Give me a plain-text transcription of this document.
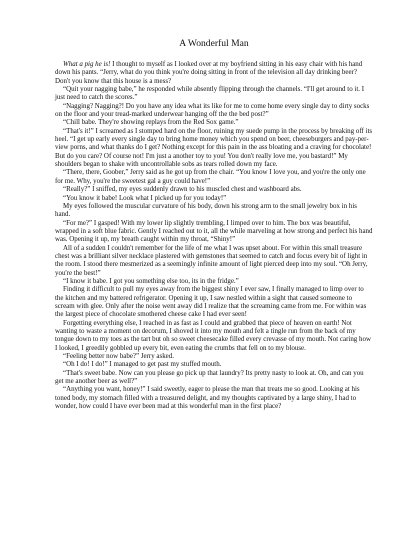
A Wonderful Man

What a pig he is! I thought to myself as I looked over at my boyfriend sitting in his easy chair with his hand down his pants. “Jerry, what do you think you're doing sitting in front of the television all day drinking beer? Don't you know that this house is a mess?

“Quit your nagging babe,” he responded while absently flipping through the channels. “I'll get around to it. I just need to catch the scores.”

“Nagging? Nagging?! Do you have any idea what its like for me to come home every single day to dirty socks on the floor and your tread-marked underwear hanging off the the bed post?”

“Chill babe. They're showing replays from the Red Sox game.”

“That's it!” I screamed as I stomped hard on the floor, ruining my suede pump in the process by breaking off its heel. “I get up early every single day to bring home money which you spend on beer, cheeseburgers and pay-per-view porns, and what thanks do I get? Nothing except for this pain in the ass bloating and a craving for chocolate! But do you care? Of course not! I'm just a another toy to you! You don't really love me, you bastard!” My shoulders began to shake with uncontrollable sobs as tears rolled down my face.

“There, there, Goober,” Jerry said as he got up from the chair. “You know I love you, and you're the only one for me. Why, you're the sweetest gal a guy could have!”

“Really?” I sniffed, my eyes suddenly drawn to his muscled chest and washboard abs.

“You know it babe! Look what I picked up for you today!”

My eyes followed the muscular curvature of his body, down his strong arm to the small jewelry box in his hand.

“For me?” I gasped! With my lower lip slightly trembling, I limped over to him. The box was beautiful, wrapped in a soft blue fabric. Gently I reached out to it, all the while marveling at how strong and perfect his hand was. Opening it up, my breath caught within my throat, “Shiny!”

All of a sudden I couldn't remember for the life of me what I was upset about. For within this small treasure chest was a brilliant silver necklace plastered with gemstones that seemed to catch and focus every bit of light in the room. I stood there mesmerized as a seemingly infinite amount of light pierced deep into my soul. “Oh Jerry, you're the best!”

“I know it babe. I got you something else too, its in the fridge.”

Finding it difficult to pull my eyes away from the biggest shiny I ever saw, I finally managed to limp over to the kitchen and my battered refrigerator. Opening it up, I saw nestled within a sight that caused someone to scream with glee. Only after the noise went away did I realize that the screaming came from me. For within was the largest piece of chocolate smothered cheese cake I had ever seen!

Forgetting everything else, I reached in as fast as I could and grabbed that piece of heaven on earth! Not wanting to waste a moment on decorum, I shoved it into my mouth and felt a tingle run from the back of my tongue down to my toes as the tart but oh so sweet cheesecake filled every crevasse of my mouth. Not caring how I looked, I greedily gobbled up every bit, even eating the crumbs that fell on to my blouse.

“Feeling better now babe?” Jerry asked.

“Oh I do! I do!” I managed to get past my stuffed mouth.

“That's sweet babe. Now can you please go pick up that laundry? Its pretty nasty to look at. Oh, and can you get me another beer as well?”

“Anything you want, honey!” I said sweetly, eager to please the man that treats me so good. Looking at his toned body, my stomach filled with a treasured delight, and my thoughts captivated by a large shiny, I had to wonder, how could I have ever been mad at this wonderful man in the first place?
